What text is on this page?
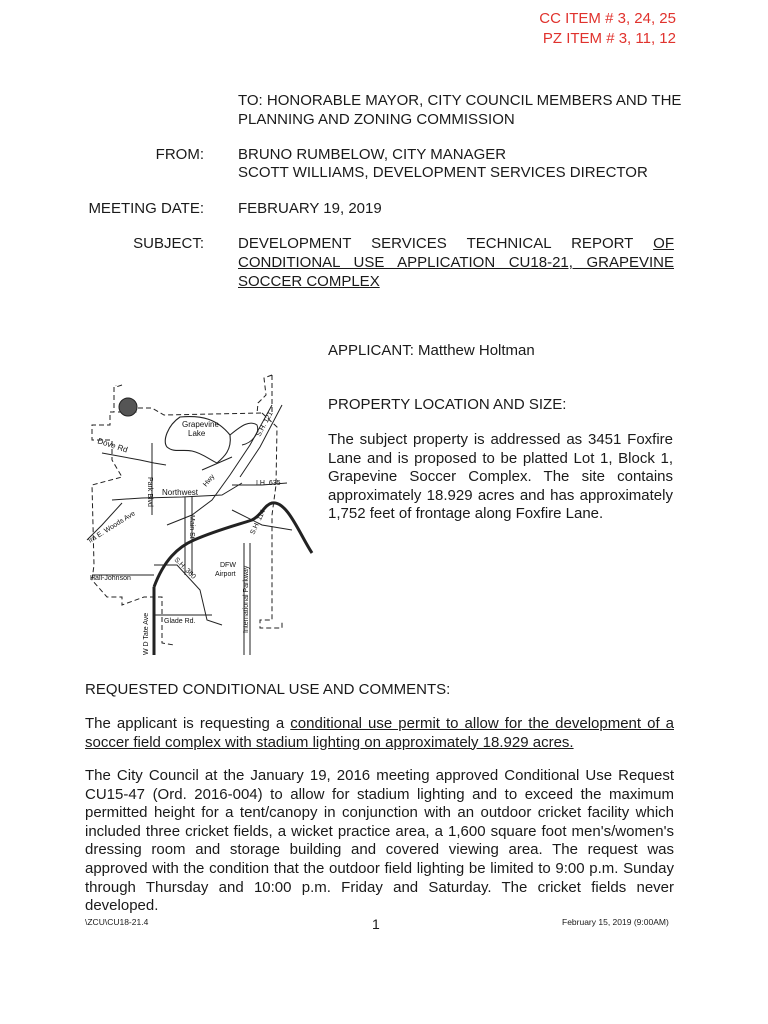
CC ITEM # 3, 24, 25
PZ ITEM # 3, 11, 12
TO: HONORABLE MAYOR, CITY COUNCIL MEMBERS AND THE PLANNING AND ZONING COMMISSION
FROM: BRUNO RUMBELOW, CITY MANAGER
SCOTT WILLIAMS, DEVELOPMENT SERVICES DIRECTOR
MEETING DATE: FEBRUARY 19, 2019
SUBJECT: DEVELOPMENT SERVICES TECHNICAL REPORT OF CONDITIONAL USE APPLICATION CU18-21, GRAPEVINE SOCCER COMPLEX
APPLICANT: Matthew Holtman
PROPERTY LOCATION AND SIZE:
The subject property is addressed as 3451 Foxfire Lane and is proposed to be platted Lot 1, Block 1, Grapevine Soccer Complex. The site contains approximately 18.929 acres and has approximately 1,752 feet of frontage along Foxfire Lane.
Grapevine
Lake
Dove Rd
Park Blvd Northwest
Hwy
S.H. 121
I.H. 635
S.H. 114
Ira E. Woods Ave	Main St
Hall-Johnson	S.H. 360	DFW
Airport International Parkway
Glade Rd.
W D Tate Ave
REQUESTED CONDITIONAL USE AND COMMENTS:
The applicant is requesting a conditional use permit to allow for the development of a soccer field complex with stadium lighting on approximately 18.929 acres.
The City Council at the January 19, 2016 meeting approved Conditional Use Request CU15-47 (Ord. 2016-004) to allow for stadium lighting and to exceed the maximum permitted height for a tent/canopy in conjunction with an outdoor cricket facility which included three cricket fields, a wicket practice area, a 1,600 square foot men's/women's dressing room and storage building and covered viewing area. The request was approved with the condition that the outdoor field lighting be limited to 9:00 p.m. Sunday through Thursday and 10:00 p.m. Friday and Saturday. The cricket fields never developed.
\ZCU\CU18-21.4	1	February 15, 2019 (9:00AM)
